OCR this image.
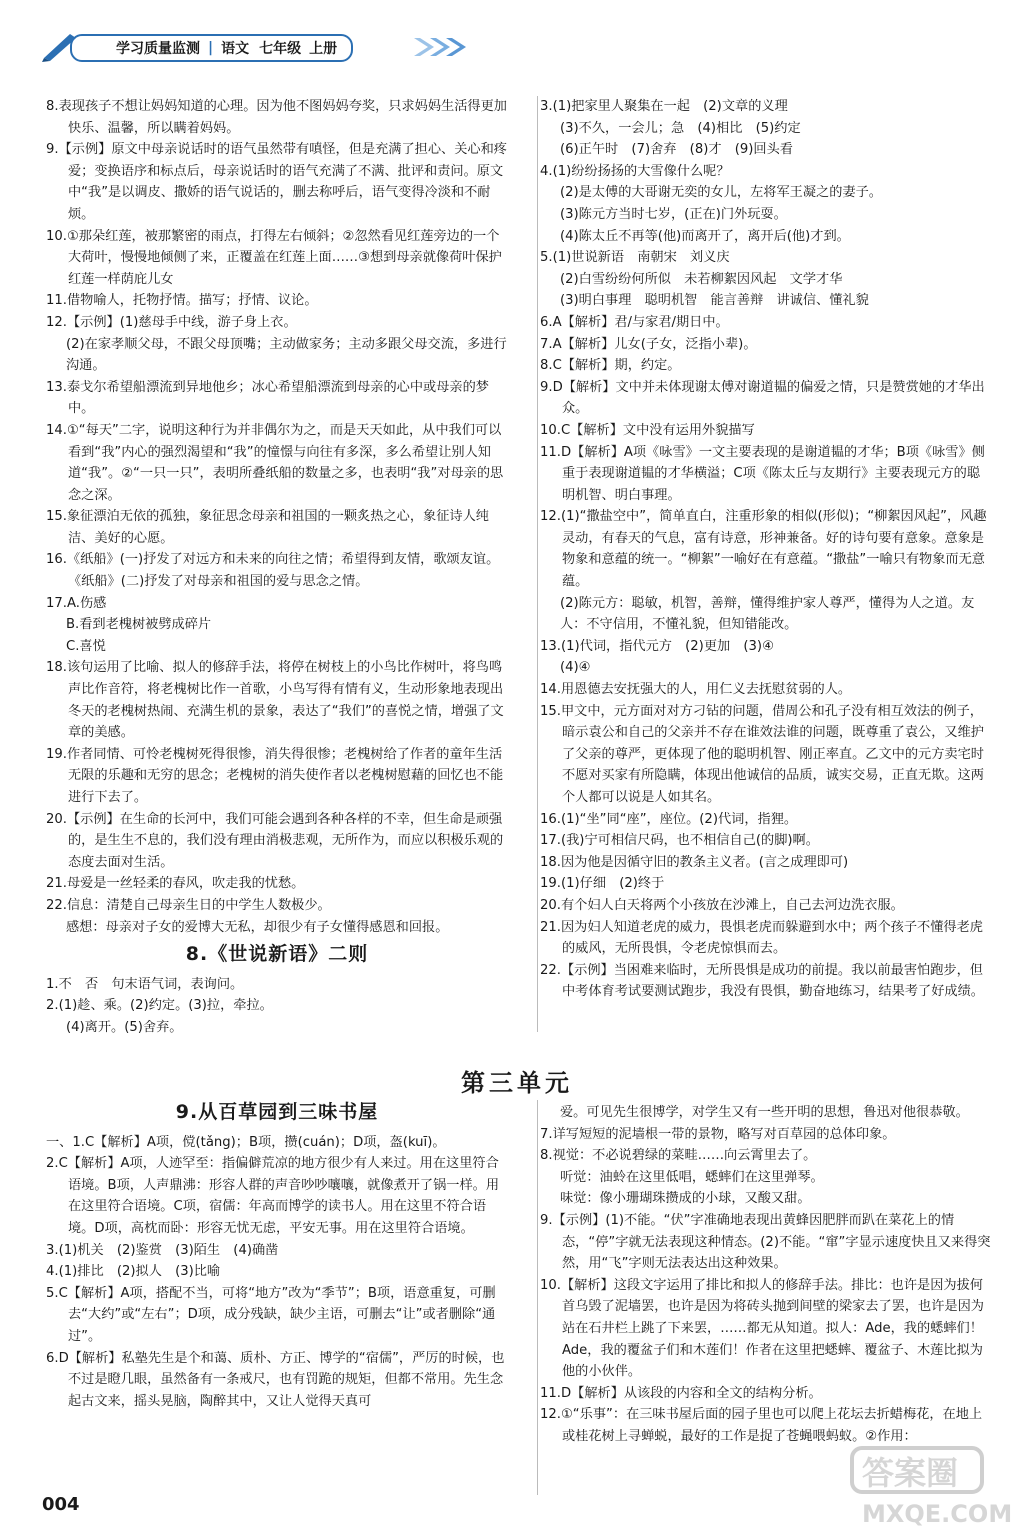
学习质量监测 | 语文 七年级 上册

8.表现孩子不想让妈妈知道的心理。因为他不图妈妈夸奖，只求妈妈生活得更加快乐、温馨，所以瞒着妈妈。

9.【示例】原文中母亲说话时的语气虽然带有嗔怪，但是充满了担心、关心和疼爱；变换语序和标点后，母亲说话时的语气充满了不满、批评和责问。原文中“我”是以调皮、撒娇的语气说话的，删去称呼后，语气变得冷淡和不耐烦。

10.①那朵红莲，被那繁密的雨点，打得左右倾斜；②忽然看见红莲旁边的一个大荷叶，慢慢地倾侧了来，正覆盖在红莲上面……③想到母亲就像荷叶保护红莲一样荫庇儿女

11.借物喻人，托物抒情。描写；抒情、议论。

12.【示例】(1)慈母手中线，游子身上衣。

(2)在家孝顺父母，不跟父母顶嘴；主动做家务；主动多跟父母交流，多进行沟通。

13.泰戈尔希望船漂流到异地他乡；冰心希望船漂流到母亲的心中或母亲的梦中。

14.①“每天”二字，说明这种行为并非偶尔为之，而是天天如此，从中我们可以看到“我”内心的强烈渴望和“我”的憧憬与向往有多深，多么希望让别人知道“我”。②“一只一只”，表明所叠纸船的数量之多，也表明“我”对母亲的思念之深。

15.象征漂泊无依的孤独，象征思念母亲和祖国的一颗炙热之心，象征诗人纯洁、美好的心愿。

16.《纸船》(一)抒发了对远方和未来的向往之情；希望得到友情，歌颂友谊。《纸船》(二)抒发了对母亲和祖国的爱与思念之情。

17.A.伤感

B.看到老槐树被劈成碎片

C.喜悦

18.该句运用了比喻、拟人的修辞手法，将停在树枝上的小鸟比作树叶，将鸟鸣声比作音符，将老槐树比作一首歌，小鸟写得有情有义，生动形象地表现出冬天的老槐树热闹、充满生机的景象，表达了“我们”的喜悦之情，增强了文章的美感。

19.作者同情、可怜老槐树死得很惨，消失得很惨；老槐树给了作者的童年生活无限的乐趣和无穷的思念；老槐树的消失使作者以老槐树慰藉的回忆也不能进行下去了。

20.【示例】在生命的长河中，我们可能会遇到各种各样的不幸，但生命是顽强的，是生生不息的，我们没有理由消极悲观，无所作为，而应以积极乐观的态度去面对生活。

21.母爱是一丝轻柔的春风，吹走我的忧愁。

22.信息：清楚自己母亲生日的中学生人数极少。

感想：母亲对子女的爱博大无私，却很少有子女懂得感恩和回报。

8.《世说新语》二则

1.不　否　句末语气词，表询问。

2.(1)趁、乘。(2)约定。(3)拉，牵拉。

(4)离开。(5)舍弃。

3.(1)把家里人聚集在一起　(2)文章的义理

(3)不久，一会儿；急　(4)相比　(5)约定

(6)正午时　(7)舍弃　(8)才　(9)回头看

4.(1)纷纷扬扬的大雪像什么呢？

(2)是太傅的大哥谢无奕的女儿，左将军王凝之的妻子。

(3)陈元方当时七岁，(正在)门外玩耍。

(4)陈太丘不再等(他)而离开了，离开后(他)才到。

5.(1)世说新语　南朝宋　刘义庆

(2)白雪纷纷何所似　未若柳絮因风起　文学才华

(3)明白事理　聪明机智　能言善辩　讲诚信、懂礼貌

6.A【解析】君/与家君/期日中。

7.A【解析】儿女(子女，泛指小辈)。

8.C【解析】期，约定。

9.D【解析】文中并未体现谢太傅对谢道韫的偏爱之情，只是赞赏她的才华出众。

10.C【解析】文中没有运用外貌描写

11.D【解析】A项《咏雪》一文主要表现的是谢道韫的才华；B项《咏雪》侧重于表现谢道韫的才华横溢；C项《陈太丘与友期行》主要表现元方的聪明机智、明白事理。

12.(1)“撒盐空中”，简单直白，注重形象的相似(形似)；“柳絮因风起”，风趣灵动，有春天的气息，富有诗意，形神兼备。好的诗句要有意象。意象是物象和意蕴的统一。“柳絮”一喻好在有意蕴。“撒盐”一喻只有物象而无意蕴。

(2)陈元方：聪敏，机智，善辩，懂得维护家人尊严，懂得为人之道。友人：不守信用，不懂礼貌，但知错能改。

13.(1)代词，指代元方　(2)更加　(3)④

(4)④

14.用恩德去安抚强大的人，用仁义去抚慰贫弱的人。

15.甲文中，元方面对对方刁钻的问题，借周公和孔子没有相互效法的例子，暗示袁公和自己的父亲并不存在谁效法谁的问题，既尊重了袁公，又维护了父亲的尊严，更体现了他的聪明机智、刚正率直。乙文中的元方卖宅时不愿对买家有所隐瞒，体现出他诚信的品质，诚实交易，正直无欺。这两个人都可以说是人如其名。

16.(1)“坐”同“座”，座位。(2)代词，指狸。

17.(我)宁可相信尺码，也不相信自己(的脚)啊。

18.因为他是因循守旧的教条主义者。(言之成理即可)

19.(1)仔细　(2)终于

20.有个妇人白天将两个小孩放在沙滩上，自己去河边洗衣服。

21.因为妇人知道老虎的威力，畏惧老虎而躲避到水中；两个孩子不懂得老虎的威风，无所畏惧，令老虎惊惧而去。

22.【示例】当困难来临时，无所畏惧是成功的前提。我以前最害怕跑步，但中考体育考试要测试跑步，我没有畏惧，勤奋地练习，结果考了好成绩。

第三单元
9.从百草园到三味书屋

一、1.C【解析】A项，傥(tǎng)；B项，攒(cuán)；D项，盔(kuī)。

2.C【解析】A项，人迹罕至：指偏僻荒凉的地方很少有人来过。用在这里符合语境。B项，人声鼎沸：形容人群的声音吵吵嚷嚷，就像煮开了锅一样。用在这里符合语境。C项，宿儒：年高而博学的读书人。用在这里不符合语境。D项，高枕而卧：形容无忧无虑，平安无事。用在这里符合语境。

3.(1)机关　(2)鉴赏　(3)陌生　(4)确凿

4.(1)排比　(2)拟人　(3)比喻

5.C【解析】A项，搭配不当，可将“地方”改为“季节”；B项，语意重复，可删去“大约”或“左右”；D项，成分残缺，缺少主语，可删去“让”或者删除“通过”。

6.D【解析】私塾先生是个和蔼、质朴、方正、博学的“宿儒”，严厉的时候，也不过是瞪几眼，虽然备有一条戒尺，也有罚跪的规矩，但都不常用。先生念起古文来，摇头晃脑，陶醉其中，又让人觉得天真可

爱。可见先生很博学，对学生又有一些开明的思想，鲁迅对他很恭敬。

7.详写短短的泥墙根一带的景物，略写对百草园的总体印象。

8.视觉：不必说碧绿的菜畦……向云霄里去了。

听觉：油蛉在这里低唱，蟋蟀们在这里弹琴。

味觉：像小珊瑚珠攒成的小球，又酸又甜。

9.【示例】(1)不能。“伏”字准确地表现出黄蜂因肥胖而趴在菜花上的情态，“停”字就无法表现这种情态。(2)不能。“窜”字显示速度快且又来得突然，用“飞”字则无法表达出这种效果。

10.【解析】这段文字运用了排比和拟人的修辞手法。排比：也许是因为拔何首乌毁了泥墙罢，也许是因为将砖头抛到间壁的梁家去了罢，也许是因为站在石井栏上跳了下来罢，……都无从知道。拟人：Ade，我的蟋蟀们！Ade，我的覆盆子们和木莲们！作者在这里把蟋蟀、覆盆子、木莲比拟为他的小伙伴。

11.D【解析】从该段的内容和全文的结构分析。

12.①“乐事”：在三味书屋后面的园子里也可以爬上花坛去折蜡梅花，在地上或桂花树上寻蝉蜕，最好的工作是捉了苍蝇喂蚂蚁。②作用：

004
答案圈
MXQE.COM
